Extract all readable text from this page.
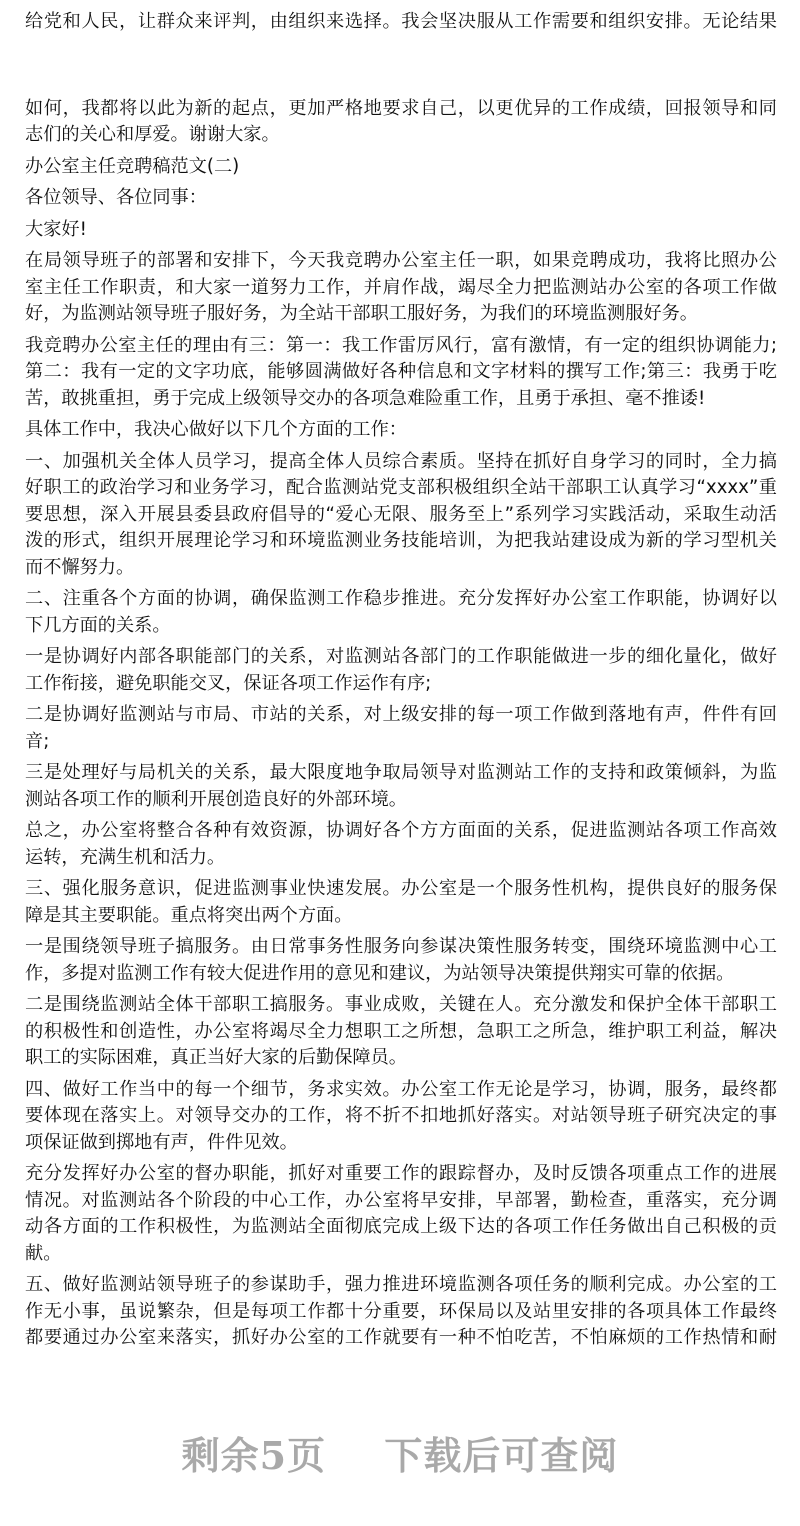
给党和人民，让群众来评判，由组织来选择。我会坚决服从工作需要和组织安排。无论结果
如何，我都将以此为新的起点，更加严格地要求自己，以更优异的工作成绩，回报领导和同
志们的关心和厚爱。谢谢大家。
办公室主任竞聘稿范文(二)
各位领导、各位同事：
大家好!
在局领导班子的部署和安排下，今天我竞聘办公室主任一职，如果竞聘成功，我将比照办公
室主任工作职责，和大家一道努力工作，并肩作战，竭尽全力把监测站办公室的各项工作做
好，为监测站领导班子服好务，为全站干部职工服好务，为我们的环境监测服好务。
我竞聘办公室主任的理由有三：第一：我工作雷厉风行，富有激情，有一定的组织协调能力;
第二：我有一定的文字功底，能够圆满做好各种信息和文字材料的撰写工作;第三：我勇于吃
苦，敢挑重担，勇于完成上级领导交办的各项急难险重工作，且勇于承担、毫不推诿!
具体工作中，我决心做好以下几个方面的工作：
一、加强机关全体人员学习，提高全体人员综合素质。坚持在抓好自身学习的同时，全力搞
好职工的政治学习和业务学习，配合监测站党支部积极组织全站干部职工认真学习“xxxx”重
要思想，深入开展县委县政府倡导的“爱心无限、服务至上”系列学习实践活动，采取生动活
泼的形式，组织开展理论学习和环境监测业务技能培训，为把我站建设成为新的学习型机关
而不懈努力。
二、注重各个方面的协调，确保监测工作稳步推进。充分发挥好办公室工作职能，协调好以
下几方面的关系。
一是协调好内部各职能部门的关系，对监测站各部门的工作职能做进一步的细化量化，做好
工作衔接，避免职能交叉，保证各项工作运作有序;
二是协调好监测站与市局、市站的关系，对上级安排的每一项工作做到落地有声，件件有回
音;
三是处理好与局机关的关系，最大限度地争取局领导对监测站工作的支持和政策倾斜，为监
测站各项工作的顺利开展创造良好的外部环境。
总之，办公室将整合各种有效资源，协调好各个方方面面的关系，促进监测站各项工作高效
运转，充满生机和活力。
三、强化服务意识，促进监测事业快速发展。办公室是一个服务性机构，提供良好的服务保
障是其主要职能。重点将突出两个方面。
一是围绕领导班子搞服务。由日常事务性服务向参谋决策性服务转变，围绕环境监测中心工
作，多提对监测工作有较大促进作用的意见和建议，为站领导决策提供翔实可靠的依据。
二是围绕监测站全体干部职工搞服务。事业成败，关键在人。充分激发和保护全体干部职工
的积极性和创造性，办公室将竭尽全力想职工之所想，急职工之所急，维护职工利益，解决
职工的实际困难，真正当好大家的后勤保障员。
四、做好工作当中的每一个细节，务求实效。办公室工作无论是学习，协调，服务，最终都
要体现在落实上。对领导交办的工作，将不折不扣地抓好落实。对站领导班子研究决定的事
项保证做到掷地有声，件件见效。
充分发挥好办公室的督办职能，抓好对重要工作的跟踪督办，及时反馈各项重点工作的进展
情况。对监测站各个阶段的中心工作，办公室将早安排，早部署，勤检查，重落实，充分调
动各方面的工作积极性，为监测站全面彻底完成上级下达的各项工作任务做出自己积极的贡
献。
五、做好监测站领导班子的参谋助手，强力推进环境监测各项任务的顺利完成。办公室的工
作无小事，虽说繁杂，但是每项工作都十分重要，环保局以及站里安排的各项具体工作最终
都要通过办公室来落实，抓好办公室的工作就要有一种不怕吃苦，不怕麻烦的工作热情和耐
剩余5页 下载后可查阅
